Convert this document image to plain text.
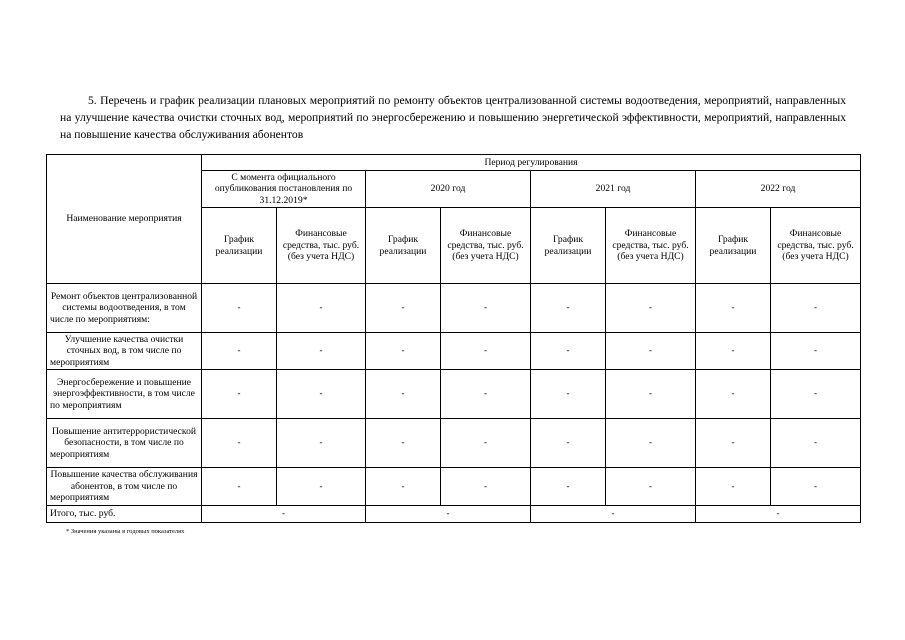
5. Перечень и график реализации плановых мероприятий по ремонту объектов централизованной системы водоотведения, мероприятий, направленных на улучшение качества очистки сточных вод, мероприятий по энергосбережению и повышению энергетической эффективности, мероприятий, направленных на повышение качества обслуживания абонентов
Наименование мероприятия	Период регулирования							
	С момента официального опубликования постановления по 31.12.2019*		2020 год		2021 год		2022 год	
	График реализации	Финансовые средства, тыс. руб. (без учета НДС)	График реализации	Финансовые средства, тыс. руб. (без учета НДС)	График реализации	Финансовые средства, тыс. руб. (без учета НДС)	График реализации	Финансовые средства, тыс. руб. (без учета НДС)
Ремонт объектов централизованной системы водоотведения, в том числе по мероприятиям:	-	-	-	-	-	-	-	-
Улучшение качества очистки сточных вод, в том числе по мероприятиям	-	-	-	-	-	-	-	-
Энергосбережение и повышение энергоэффективности, в том числе по мероприятиям	-	-	-	-	-	-	-	-
Повышение антитеррористической безопасности, в том числе по мероприятиям	-	-	-	-	-	-	-	-
Повышение качества обслуживания абонентов, в том числе по мероприятиям	-	-	-	-	-	-	-	-
Итого, тыс. руб.	-		-		-		-	
* Значения указаны в годовых показателях
